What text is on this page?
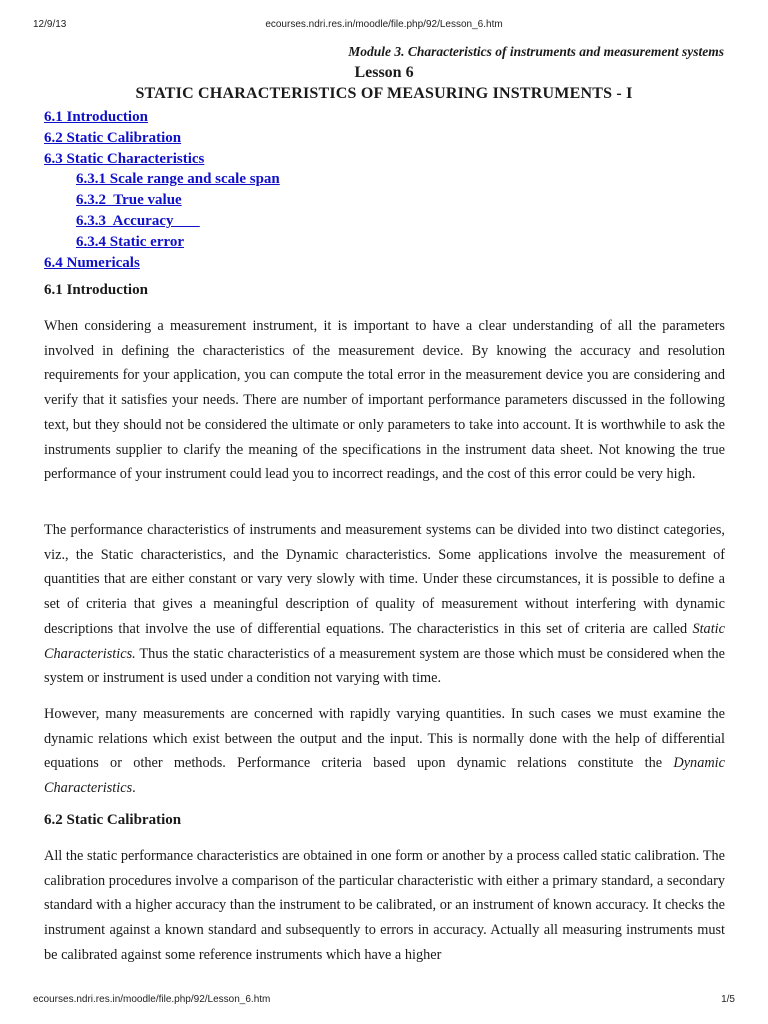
12/9/13	ecourses.ndri.res.in/moodle/file.php/92/Lesson_6.htm
Module 3. Characteristics of instruments and measurement systems
Lesson 6
STATIC CHARACTERISTICS OF MEASURING INSTRUMENTS - I
6.1 Introduction
6.2 Static Calibration
6.3 Static Characteristics
6.3.1 Scale range and scale span
6.3.2  True value
6.3.3  Accuracy
6.3.4 Static error
6.4 Numericals
6.1 Introduction

When considering a measurement instrument, it is important to have a clear understanding of all the parameters involved in defining the characteristics of the measurement device. By knowing the accuracy and resolution requirements for your application, you can compute the total error in the measurement device you are considering and verify that it satisfies your needs. There are number of important performance parameters discussed in the following text, but they should not be considered the ultimate or only parameters to take into account. It is worthwhile to ask the instruments supplier to clarify the meaning of the specifications in the instrument data sheet. Not knowing the true performance of your instrument could lead you to incorrect readings, and the cost of this error could be very high.

The performance characteristics of instruments and measurement systems can be divided into two distinct categories, viz., the Static characteristics, and the Dynamic characteristics. Some applications involve the measurement of quantities that are either constant or vary very slowly with time. Under these circumstances, it is possible to define a set of criteria that gives a meaningful description of quality of measurement without interfering with dynamic descriptions that involve the use of differential equations. The characteristics in this set of criteria are called Static Characteristics. Thus the static characteristics of a measurement system are those which must be considered when the system or instrument is used under a condition not varying with time.

However, many measurements are concerned with rapidly varying quantities. In such cases we must examine the dynamic relations which exist between the output and the input. This is normally done with the help of differential equations or other methods. Performance criteria based upon dynamic relations constitute the Dynamic Characteristics.

6.2 Static Calibration

All the static performance characteristics are obtained in one form or another by a process called static calibration. The calibration procedures involve a comparison of the particular characteristic with either a primary standard, a secondary standard with a higher accuracy than the instrument to be calibrated, or an instrument of known accuracy. It checks the instrument against a known standard and subsequently to errors in accuracy. Actually all measuring instruments must be calibrated against some reference instruments which have a higher

ecourses.ndri.res.in/moodle/file.php/92/Lesson_6.htm	1/5
